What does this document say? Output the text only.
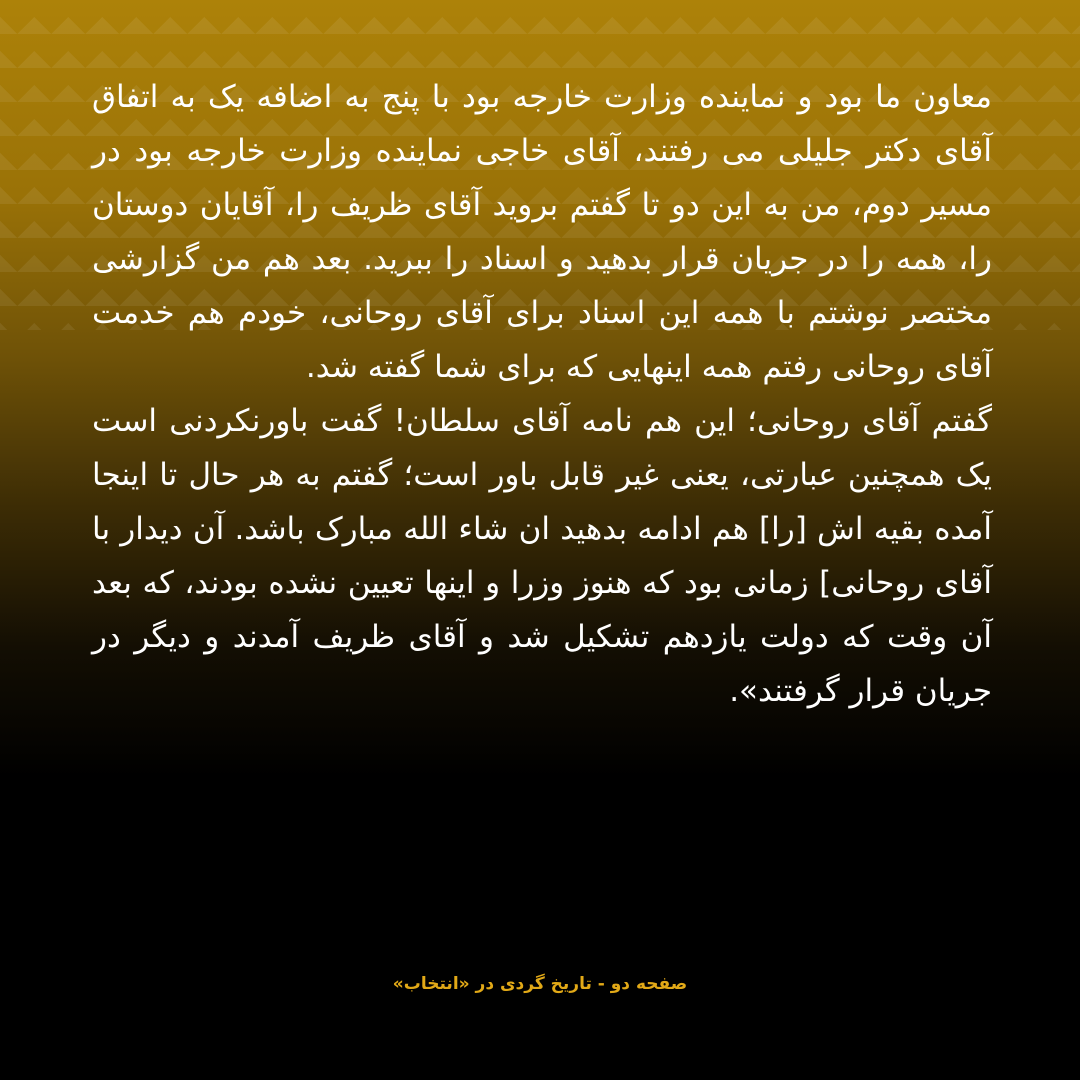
معاون ما بود و نماینده وزارت خارجه بود با پنج به اضافه یک به اتفاق آقای دکتر جلیلی می رفتند، آقای خاجی نماینده وزارت خارجه بود در مسیر دوم، من به این دو تا گفتم بروید آقای ظریف را، آقایان دوستان را، همه را در جریان قرار بدهید و اسناد را ببرید. بعد هم من گزارشی مختصر نوشتم با همه این اسناد برای آقای روحانی، خودم هم خدمت آقای روحانی رفتم همه اینهایی که برای شما گفته شد.

گفتم آقای روحانی؛ این هم نامه آقای سلطان! گفت باورنکردنی است یک همچنین عبارتی، یعنی غیر قابل باور است؛ گفتم به هر حال تا اینجا آمده بقیه اش [را] هم ادامه بدهید ان شاء الله مبارک باشد. آن دیدار با آقای روحانی] زمانی بود که هنوز وزرا و اینها تعیین نشده بودند، که بعد آن وقت که دولت یازدهم تشکیل شد و آقای ظریف آمدند و دیگر در جریان قرار گرفتند».

صفحه دو - تاریخ گردی در «انتخاب»
